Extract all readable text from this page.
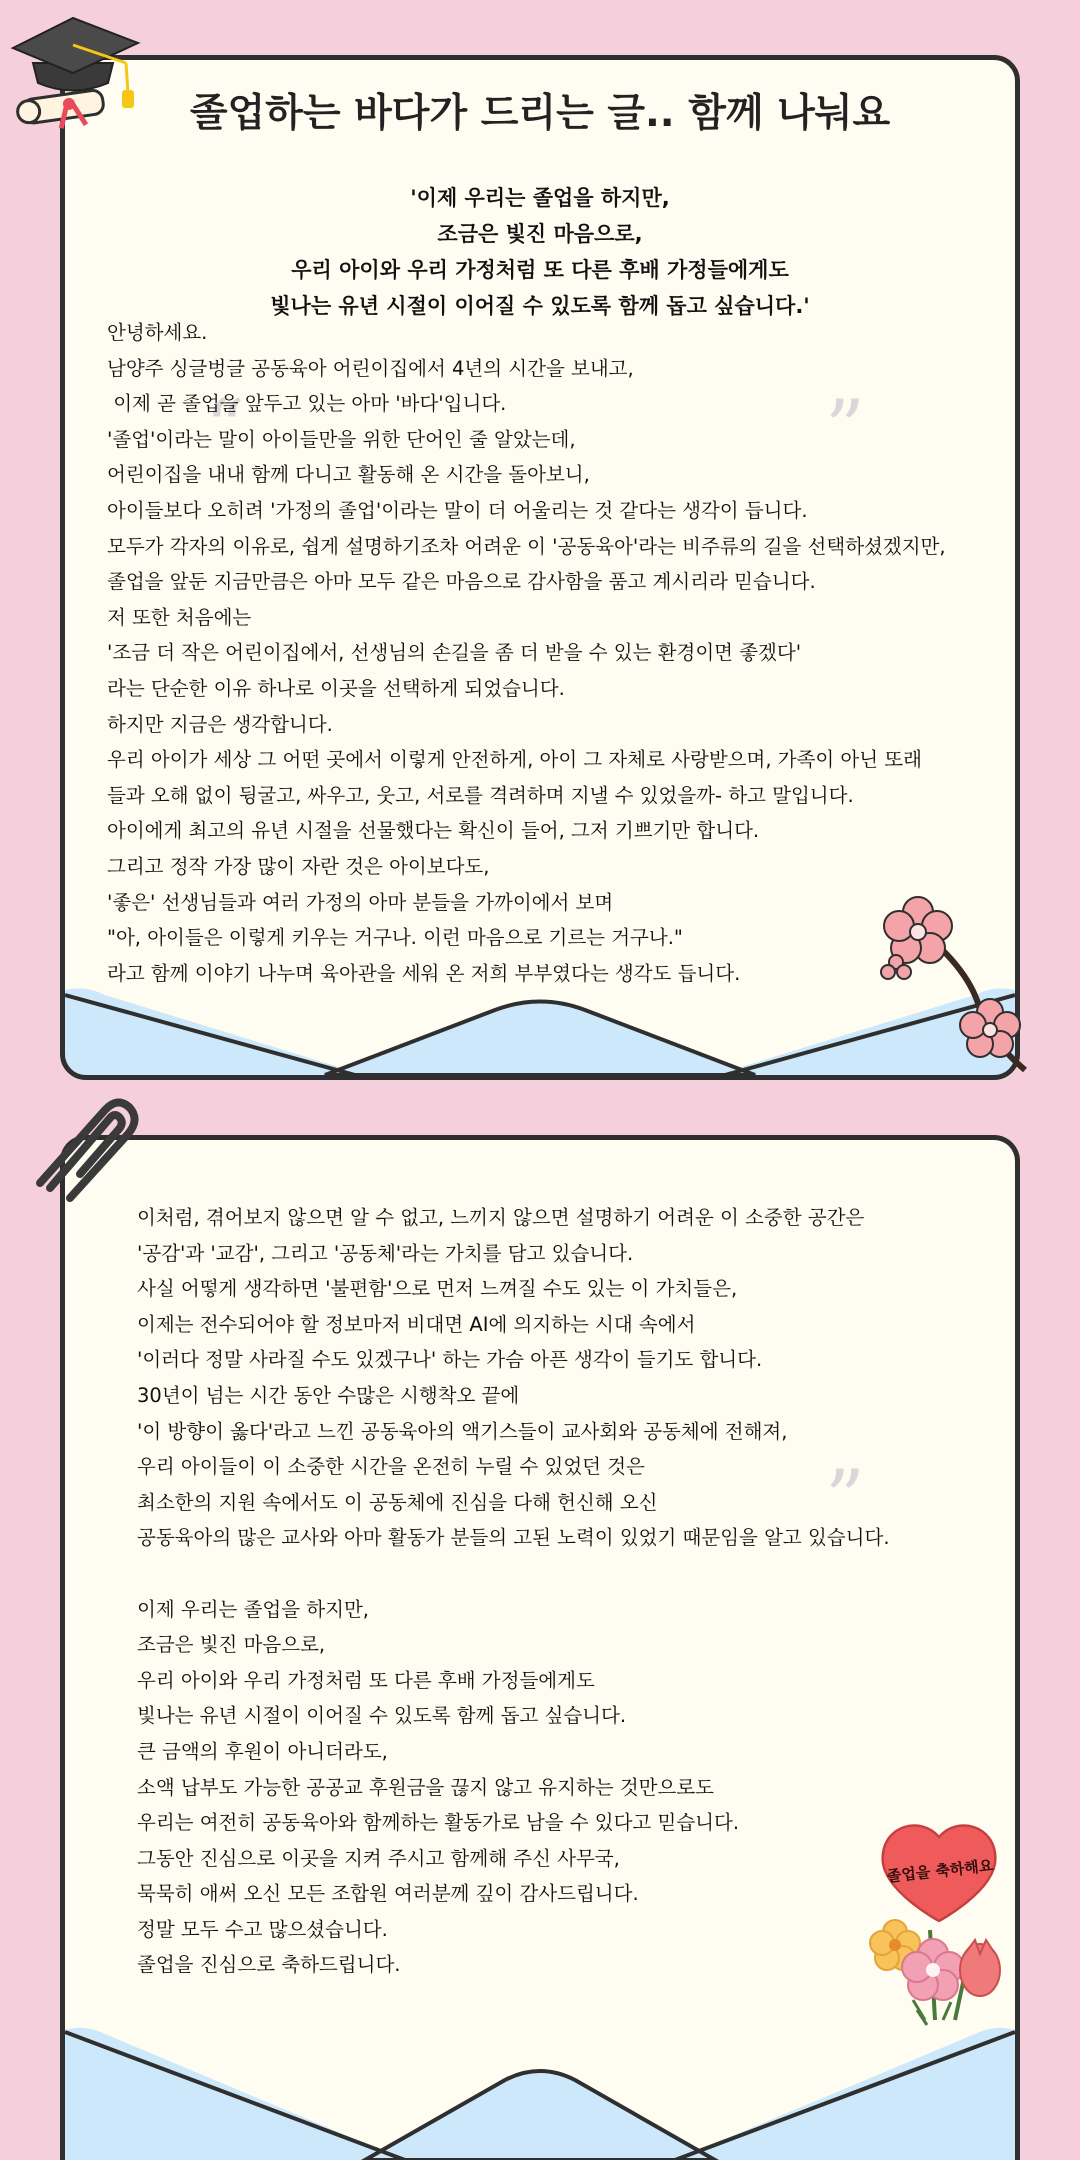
졸업하는 바다가 드리는 글.. 함께 나눠요
'이제 우리는 졸업을 하지만,
조금은 빛진 마음으로,
우리 아이와 우리 가정처럼 또 다른 후배 가정들에게도
빛나는 유년 시절이 이어질 수 있도록 함께 돕고 싶습니다.'
“	”

안녕하세요.

남양주 싱글벙글 공동육아 어린이집에서 4년의 시간을 보내고,

이제 곧 졸업을 앞두고 있는 아마 '바다'입니다.

'졸업'이라는 말이 아이들만을 위한 단어인 줄 알았는데,

어린이집을 내내 함께 다니고 활동해 온 시간을 돌아보니,

아이들보다 오히려 '가정의 졸업'이라는 말이 더 어울리는 것 같다는 생각이 듭니다.

모두가 각자의 이유로, 쉽게 설명하기조차 어려운 이 '공동육아'라는 비주류의 길을 선택하셨겠지만,

졸업을 앞둔 지금만큼은 아마 모두 같은 마음으로 감사함을 품고 계시리라 믿습니다.

저 또한 처음에는

'조금 더 작은 어린이집에서, 선생님의 손길을 좀 더 받을 수 있는 환경이면 좋겠다'

라는 단순한 이유 하나로 이곳을 선택하게 되었습니다.

하지만 지금은 생각합니다.

우리 아이가 세상 그 어떤 곳에서 이렇게 안전하게, 아이 그 자체로 사랑받으며, 가족이 아닌 또래

들과 오해 없이 뒹굴고, 싸우고, 웃고, 서로를 격려하며 지낼 수 있었을까- 하고 말입니다.

아이에게 최고의 유년 시절을 선물했다는 확신이 들어, 그저 기쁘기만 합니다.

그리고 정작 가장 많이 자란 것은 아이보다도,

'좋은' 선생님들과 여러 가정의 아마 분들을 가까이에서 보며

"아, 아이들은 이렇게 키우는 거구나. 이런 마음으로 기르는 거구나."

라고 함께 이야기 나누며 육아관을 세워 온 저희 부부였다는 생각도 듭니다.

”

이처럼, 겪어보지 않으면 알 수 없고, 느끼지 않으면 설명하기 어려운 이 소중한 공간은

'공감'과 '교감', 그리고 '공동체'라는 가치를 담고 있습니다.

사실 어떻게 생각하면 '불편함'으로 먼저 느껴질 수도 있는 이 가치들은,

이제는 전수되어야 할 정보마저 비대면 AI에 의지하는 시대 속에서

'이러다 정말 사라질 수도 있겠구나' 하는 가슴 아픈 생각이 들기도 합니다.

30년이 넘는 시간 동안 수많은 시행착오 끝에

'이 방향이 옳다'라고 느낀 공동육아의 액기스들이 교사회와 공동체에 전해져,

우리 아이들이 이 소중한 시간을 온전히 누릴 수 있었던 것은

최소한의 지원 속에서도 이 공동체에 진심을 다해 헌신해 오신

공동육아의 많은 교사와 아마 활동가 분들의 고된 노력이 있었기 때문임을 알고 있습니다.

이제 우리는 졸업을 하지만,

조금은 빛진 마음으로,

우리 아이와 우리 가정처럼 또 다른 후배 가정들에게도

빛나는 유년 시절이 이어질 수 있도록 함께 돕고 싶습니다.

큰 금액의 후원이 아니더라도,

소액 납부도 가능한 공공교 후원금을 끊지 않고 유지하는 것만으로도

우리는 여전히 공동육아와 함께하는 활동가로 남을 수 있다고 믿습니다.

그동안 진심으로 이곳을 지켜 주시고 함께해 주신 사무국,

묵묵히 애써 오신 모든 조합원 여러분께 깊이 감사드립니다.

정말 모두 수고 많으셨습니다.

졸업을 진심으로 축하드립니다.

졸업을 축하해요
